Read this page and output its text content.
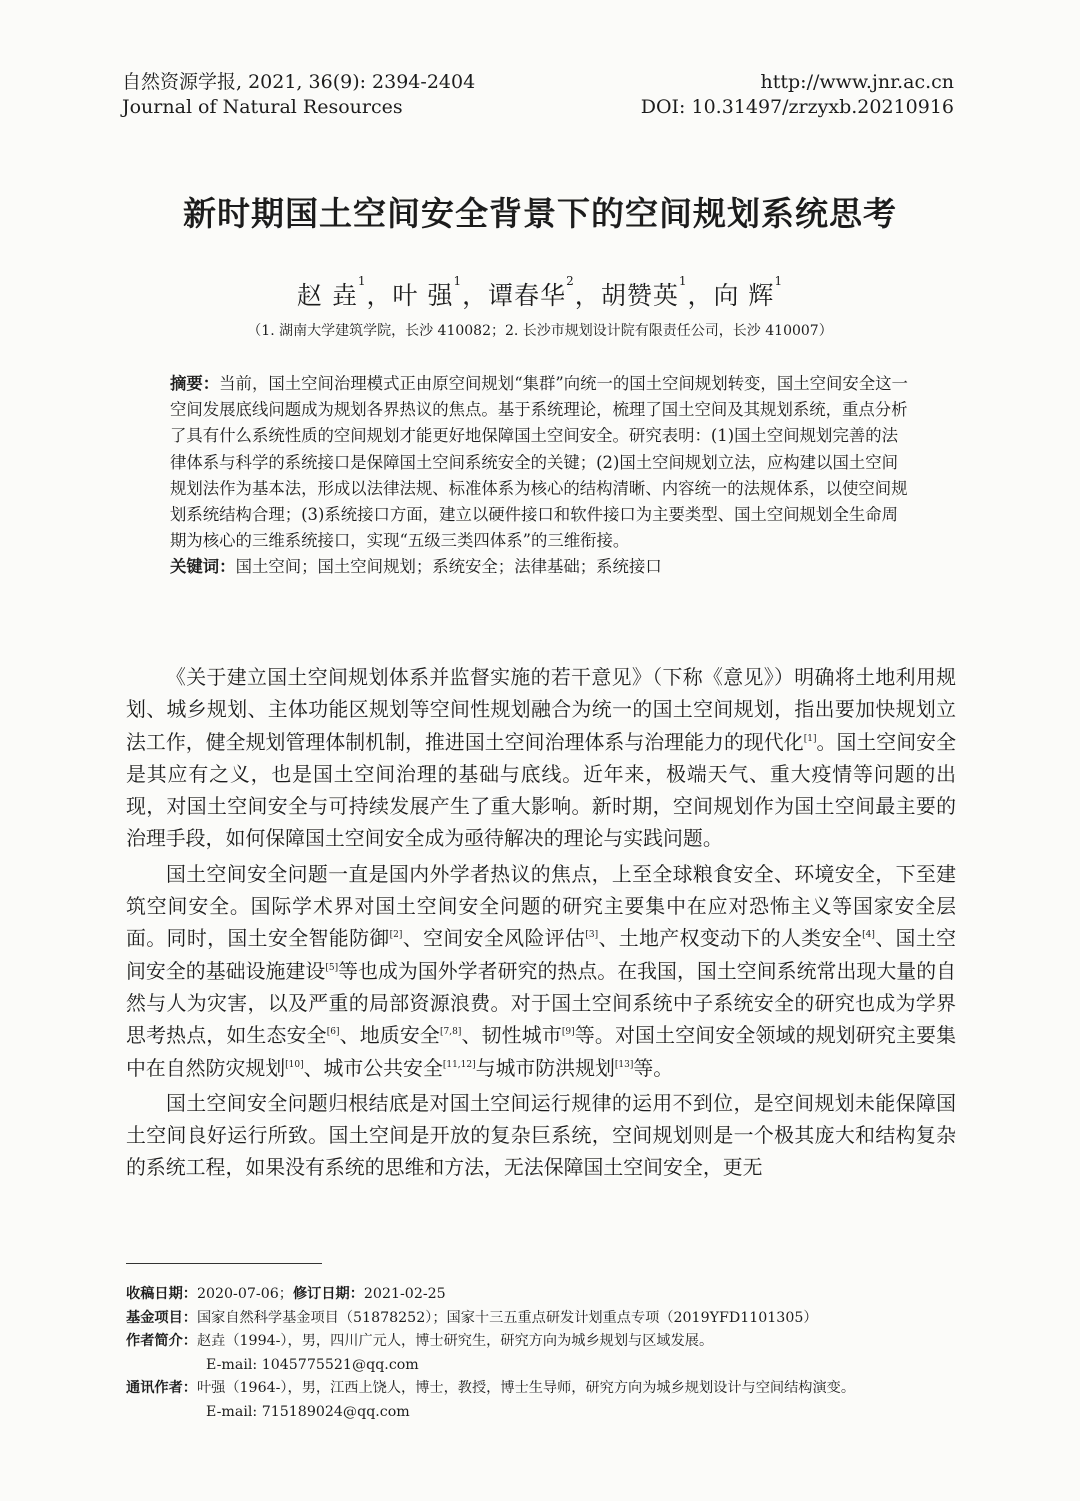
自然资源学报, 2021, 36(9): 2394-2404	http://www.jnr.ac.cn
Journal of Natural Resources	DOI: 10.31497/zrzyxb.20210916
新时期国土空间安全背景下的空间规划系统思考
赵 垚$^1$，叶 强$^1$，谭春华$^2$，胡赞英$^1$，向 辉$^1$
（1. 湖南大学建筑学院，长沙 410082；2. 长沙市规划设计院有限责任公司，长沙 410007）

摘要：当前，国土空间治理模式正由原空间规划“集群”向统一的国土空间规划转变，国土空间安全这一空间发展底线问题成为规划各界热议的焦点。基于系统理论，梳理了国土空间及其规划系统，重点分析了具有什么系统性质的空间规划才能更好地保障国土空间安全。研究表明：(1)国土空间规划完善的法律体系与科学的系统接口是保障国土空间系统安全的关键；(2)国土空间规划立法，应构建以国土空间规划法作为基本法，形成以法律法规、标准体系为核心的结构清晰、内容统一的法规体系，以使空间规划系统结构合理；(3)系统接口方面，建立以硬件接口和软件接口为主要类型、国土空间规划全生命周期为核心的三维系统接口，实现“五级三类四体系”的三维衔接。

关键词：国土空间；国土空间规划；系统安全；法律基础；系统接口

《关于建立国土空间规划体系并监督实施的若干意见》（下称《意见》）明确将土地利用规划、城乡规划、主体功能区规划等空间性规划融合为统一的国土空间规划，指出要加快规划立法工作，健全规划管理体制机制，推进国土空间治理体系与治理能力的现代化[1]。国土空间安全是其应有之义，也是国土空间治理的基础与底线。近年来，极端天气、重大疫情等问题的出现，对国土空间安全与可持续发展产生了重大影响。新时期，空间规划作为国土空间最主要的治理手段，如何保障国土空间安全成为亟待解决的理论与实践问题。

国土空间安全问题一直是国内外学者热议的焦点，上至全球粮食安全、环境安全，下至建筑空间安全。国际学术界对国土空间安全问题的研究主要集中在应对恐怖主义等国家安全层面。同时，国土安全智能防御[2]、空间安全风险评估[3]、土地产权变动下的人类安全[4]、国土空间安全的基础设施建设[5]等也成为国外学者研究的热点。在我国，国土空间系统常出现大量的自然与人为灾害，以及严重的局部资源浪费。对于国土空间系统中子系统安全的研究也成为学界思考热点，如生态安全[6]、地质安全[7,8]、韧性城市[9]等。对国土空间安全领域的规划研究主要集中在自然防灾规划[10]、城市公共安全[11,12]与城市防洪规划[13]等。

国土空间安全问题归根结底是对国土空间运行规律的运用不到位，是空间规划未能保障国土空间良好运行所致。国土空间是开放的复杂巨系统，空间规划则是一个极其庞大和结构复杂的系统工程，如果没有系统的思维和方法，无法保障国土空间安全，更无

收稿日期： 2020-07-06； 修订日期： 2021-02-25
基金项目： 国家自然科学基金项目（51878252）；国家十三五重点研发计划重点专项（2019YFD1101305）
作者简介： 赵垚（1994-），男，四川广元人，博士研究生，研究方向为城乡规划与区域发展。
E-mail: 1045775521@qq.com
通讯作者： 叶强（1964-），男，江西上饶人，博士，教授，博士生导师，研究方向为城乡规划设计与空间结构演变。
E-mail: 715189024@qq.com
